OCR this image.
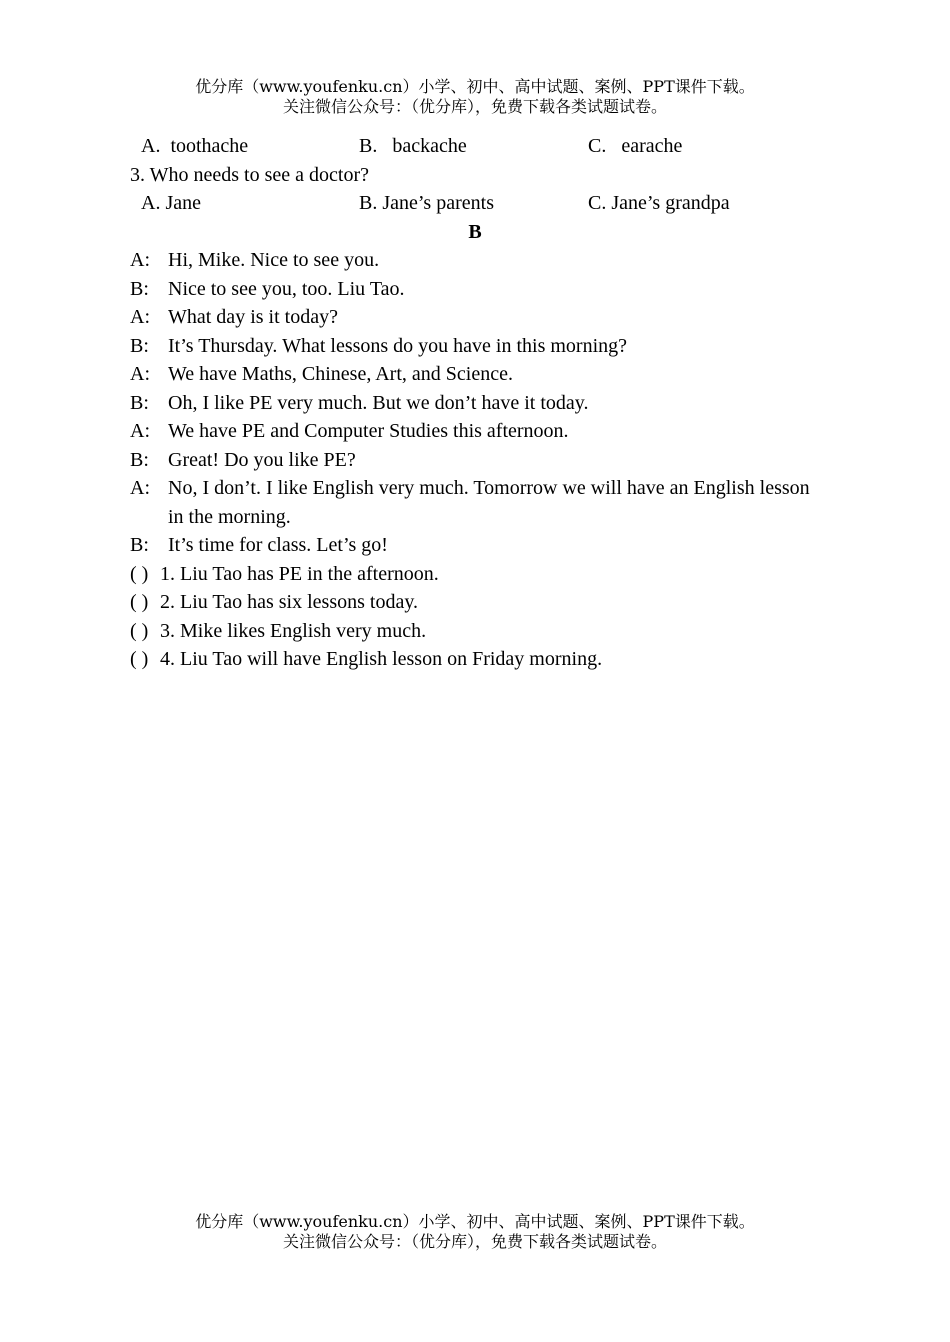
优分库（www.youfenku.cn）小学、初中、高中试题、案例、PPT课件下载。
关注微信公众号：（优分库），免费下载各类试题试卷。
A.  toothache	B.   backache	C.   earache
3. Who needs to see a doctor?
A. Jane	B. Jane’s parents	C. Jane’s grandpa
B
A: Hi, Mike. Nice to see you.
B: Nice to see you, too. Liu Tao.
A: What day is it today?
B: It’s Thursday. What lessons do you have in this morning?
A: We have Maths, Chinese, Art, and Science.
B: Oh, I like PE very much. But we don’t have it today.
A: We have PE and Computer Studies this afternoon.
B: Great! Do you like PE?
A: No, I don’t. I like English very much. Tomorrow we will have an English lesson in the morning.
B: It’s time for class. Let’s go!
( ) 1. Liu Tao has PE in the afternoon.
( ) 2. Liu Tao has six lessons today.
( ) 3. Mike likes English very much.
( ) 4. Liu Tao will have English lesson on Friday morning.
优分库（www.youfenku.cn）小学、初中、高中试题、案例、PPT课件下载。
关注微信公众号：（优分库），免费下载各类试题试卷。
